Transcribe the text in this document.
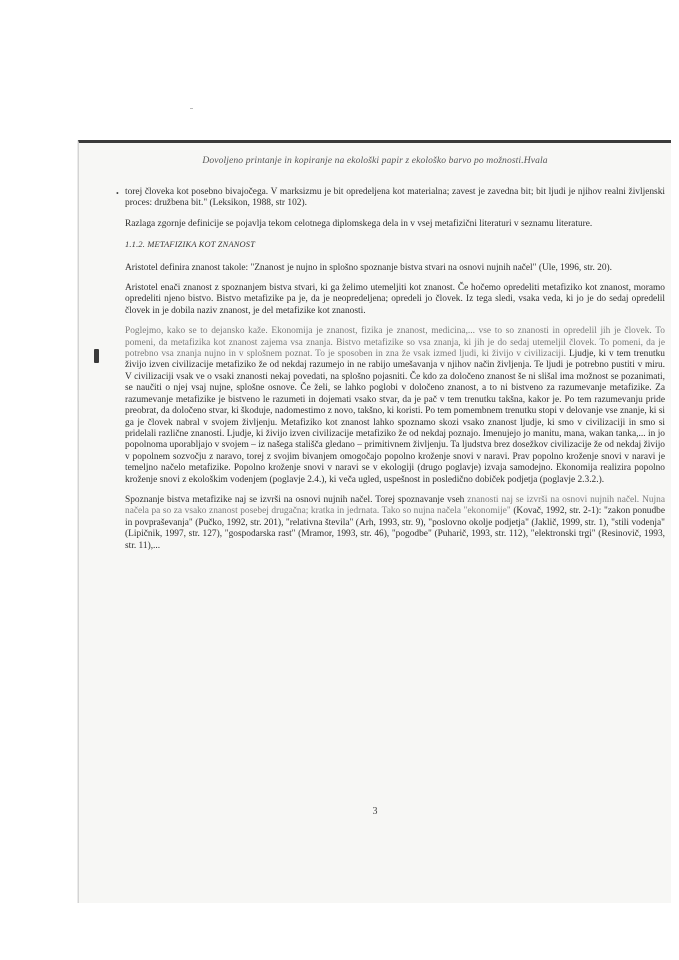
Dovoljeno printanje in kopiranje na ekološki papir z ekološko barvo po možnosti.Hvala

• torej človeka kot posebno bivajočega. V marksizmu je bit opredeljena kot materialna; zavest je zavedna bit; bit ljudi je njihov realni življenski proces: družbena bit." (Leksikon, 1988, str 102).

Razlaga zgornje definicije se pojavlja tekom celotnega diplomskega dela in v vsej metafizični literaturi v seznamu literature.

1.1.2. METAFIZIKA KOT ZNANOST

Aristotel definira znanost takole: "Znanost je nujno in splošno spoznanje bistva stvari na osnovi nujnih načel" (Ule, 1996, str. 20).

Aristotel enači znanost z spoznanjem bistva stvari, ki ga želimo utemeljiti kot znanost. Če hočemo opredeliti metafiziko kot znanost, moramo opredeliti njeno bistvo. Bistvo metafizike pa je, da je neopredeljena; opredeli jo človek. Iz tega sledi, vsaka veda, ki jo je do sedaj opredelil človek in je dobila naziv znanost, je del metafizike kot znanosti.

Poglejmo, kako se to dejansko kaže. Ekonomija je znanost, fizika je znanost, medicina,... vse to so znanosti in opredelil jih je človek. To pomeni, da metafizika kot znanost zajema vsa znanja. Bistvo metafizike so vsa znanja, ki jih je do sedaj utemeljil človek. To pomeni, da je potrebno vsa znanja nujno in v splošnem poznat. To je sposoben in zna že vsak izmed ljudi, ki živijo v civilizaciji. Ljudje, ki v tem trenutku živijo izven civilizacije metafiziko že od nekdaj razumejo in ne rabijo umešavanja v njihov način življenja. Te ljudi je potrebno pustiti v miru. V civilizaciji vsak ve o vsaki znanosti nekaj povedati, na splošno pojasniti. Če kdo za določeno znanost še ni slišal ima možnost se pozanimati, se naučiti o njej vsaj nujne, splošne osnove. Če želi, se lahko poglobi v določeno znanost, a to ni bistveno za razumevanje metafizike. Za razumevanje metafizike je bistveno le razumeti in dojemati vsako stvar, da je pač v tem trenutku takšna, kakor je. Po tem razumevanju pride preobrat, da določeno stvar, ki škoduje, nadomestimo z novo, takšno, ki koristi. Po tem pomembnem trenutku stopi v delovanje vse znanje, ki si ga je človek nabral v svojem življenju. Metafiziko kot znanost lahko spoznamo skozi vsako znanost ljudje, ki smo v civilizaciji in smo si pridelali različne znanosti. Ljudje, ki živijo izven civilizacije metafiziko že od nekdaj poznajo. Imenujejo jo manitu, mana, wakan tanka,... in jo popolnoma uporabljajo v svojem – iz našega stališča gledano – primitivnem življenju. Ta ljudstva brez dosežkov civilizacije že od nekdaj živijo v popolnem sozvočju z naravo, torej z svojim bivanjem omogočajo popolno kroženje snovi v naravi. Prav popolno kroženje snovi v naravi je temeljno načelo metafizike. Popolno kroženje snovi v naravi se v ekologiji (drugo poglavje) izvaja samodejno. Ekonomija realizira popolno kroženje snovi z ekološkim vodenjem (poglavje 2.4.), ki veča ugled, uspešnost in posledično dobiček podjetja (poglavje 2.3.2.).

Spoznanje bistva metafizike naj se izvrši na osnovi nujnih načel. Torej spoznavanje vseh znanosti naj se izvrši na osnovi nujnih načel. Nujna načela pa so za vsako znanost posebej drugačna; kratka in jedrnata. Tako so nujna načela "ekonomije" (Kovač, 1992, str. 2-1): "zakon ponudbe in povpraševanja" (Pučko, 1992, str. 201), "relativna števila" (Arh, 1993, str. 9), "poslovno okolje podjetja" (Jaklič, 1999, str. 1), "stili vodenja" (Lipičnik, 1997, str. 127), "gospodarska rast" (Mramor, 1993, str. 46), "pogodbe" (Puharič, 1993, str. 112), "elektronski trgi" (Resinovič, 1993, str. 11),...

3
